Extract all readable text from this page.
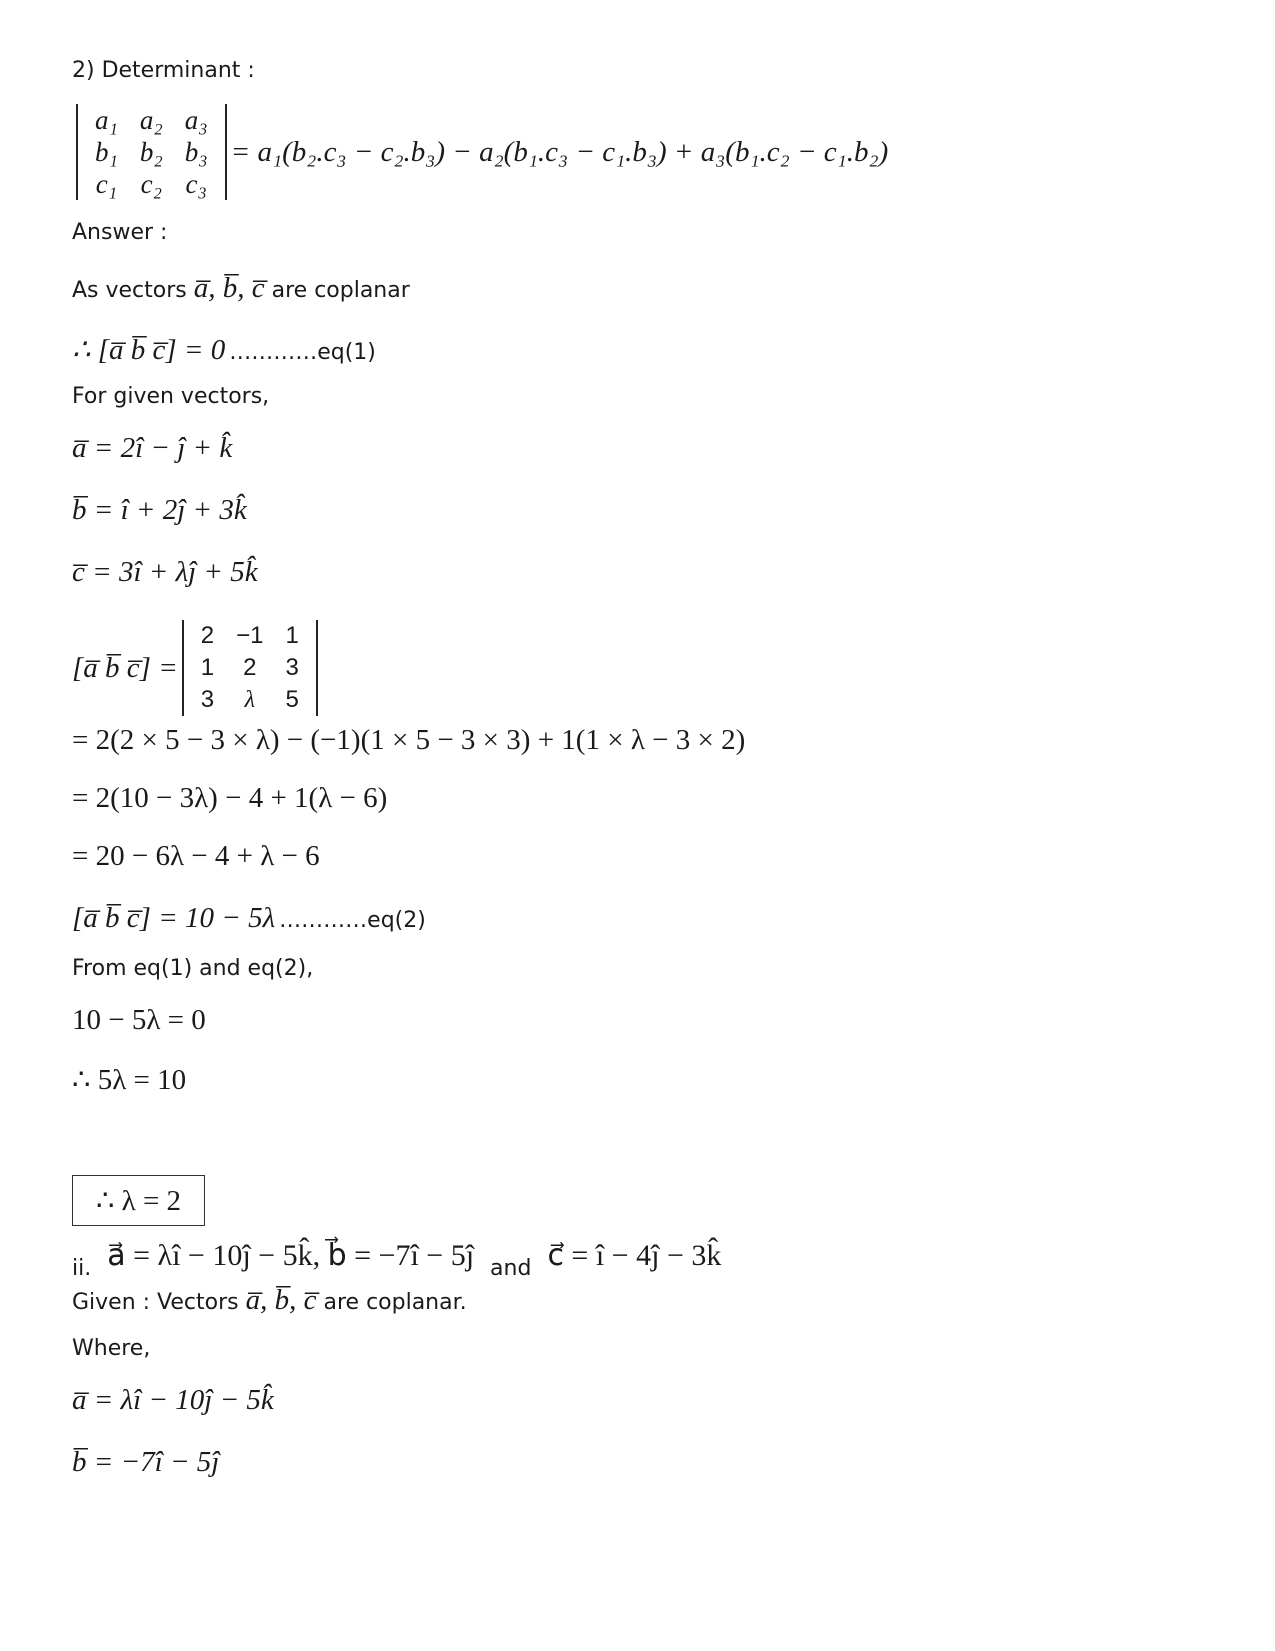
2) Determinant :
a₁	a₂	a₃
b₁	b₂	b₃
c₁	c₂	c₃
= a₁(b₂.c₃ − c₂.b₃) − a₂(b₁.c₃ − c₁.b₃) + a₃(b₁.c₂ − c₁.b₂)
Answer :
As vectors a̅, b̅, c̅ are coplanar
∴ [a̅ b̅ c̅] = 0 …………eq(1)
For given vectors,
a̅ = 2î − ĵ + k̂
b̅ = î + 2ĵ + 3k̂
c̅ = 3î + λĵ + 5k̂
[a̅ b̅ c̅] =
2	−1	1
1	2	3
3	λ	5
= 2(2 × 5 − 3 × λ) − (−1)(1 × 5 − 3 × 3) + 1(1 × λ − 3 × 2)
= 2(10 − 3λ) − 4 + 1(λ − 6)
= 20 − 6λ − 4 + λ − 6
[a̅ b̅ c̅] = 10 − 5λ …………eq(2)
From eq(1) and eq(2),
10 − 5λ = 0
∴ 5λ = 10
∴ λ = 2
ii. a⃗ = λî − 10ĵ − 5k̂, b⃗ = −7î − 5ĵ and c⃗ = î − 4ĵ − 3k̂
Given : Vectors a̅, b̅, c̅ are coplanar.
Where,
a̅ = λî − 10ĵ − 5k̂
b̅ = −7î − 5ĵ
